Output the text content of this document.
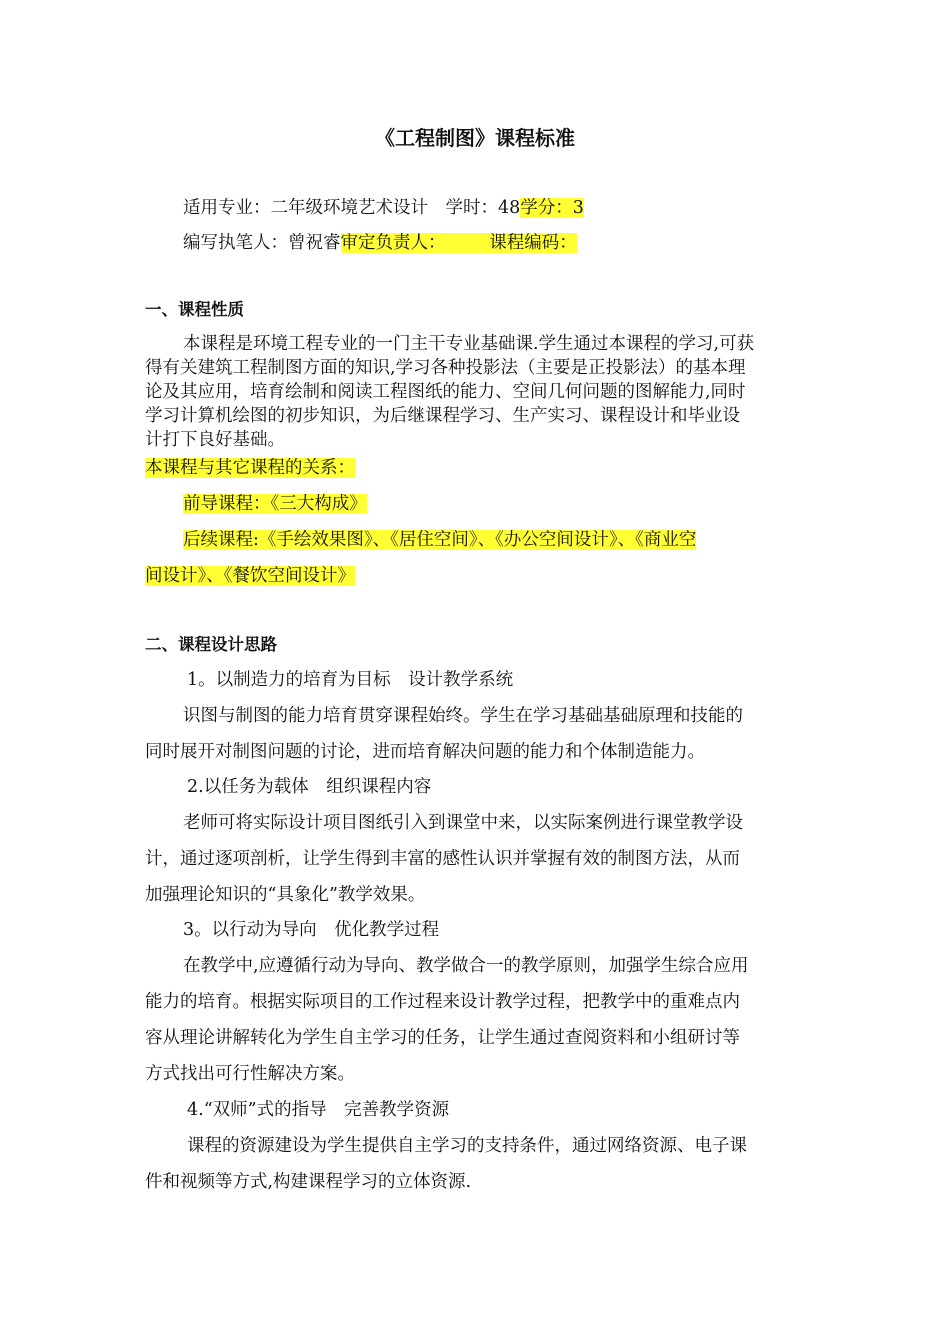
《工程制图》课程标准
适用专业：二年级环境艺术设计　学时：48学分：3
编写执笔人：曾祝睿审定负责人：　　　课程编码：
一、课程性质
本课程是环境工程专业的一门主干专业基础课.学生通过本课程的学习,可获
得有关建筑工程制图方面的知识,学习各种投影法（主要是正投影法）的基本理
论及其应用，培育绘制和阅读工程图纸的能力、空间几何问题的图解能力,同时
学习计算机绘图的初步知识，为后继课程学习、生产实习、课程设计和毕业设
计打下良好基础。
本课程与其它课程的关系：
前导课程：《三大构成》
后续课程:《手绘效果图》、《居住空间》、《办公空间设计》、《商业空
间设计》、《餐饮空间设计》
二、课程设计思路
1。以制造力的培育为目标　设计教学系统
识图与制图的能力培育贯穿课程始终。学生在学习基础基础原理和技能的
同时展开对制图问题的讨论，进而培育解决问题的能力和个体制造能力。
2.以任务为载体　组织课程内容
老师可将实际设计项目图纸引入到课堂中来，以实际案例进行课堂教学设
计，通过逐项剖析，让学生得到丰富的感性认识并掌握有效的制图方法，从而
加强理论知识的“具象化”教学效果。
3。以行动为导向　优化教学过程
在教学中,应遵循行动为导向、教学做合一的教学原则，加强学生综合应用
能力的培育。根据实际项目的工作过程来设计教学过程，把教学中的重难点内
容从理论讲解转化为学生自主学习的任务，让学生通过查阅资料和小组研讨等
方式找出可行性解决方案。
4.“双师”式的指导　完善教学资源
课程的资源建设为学生提供自主学习的支持条件，通过网络资源、电子课
件和视频等方式,构建课程学习的立体资源.
